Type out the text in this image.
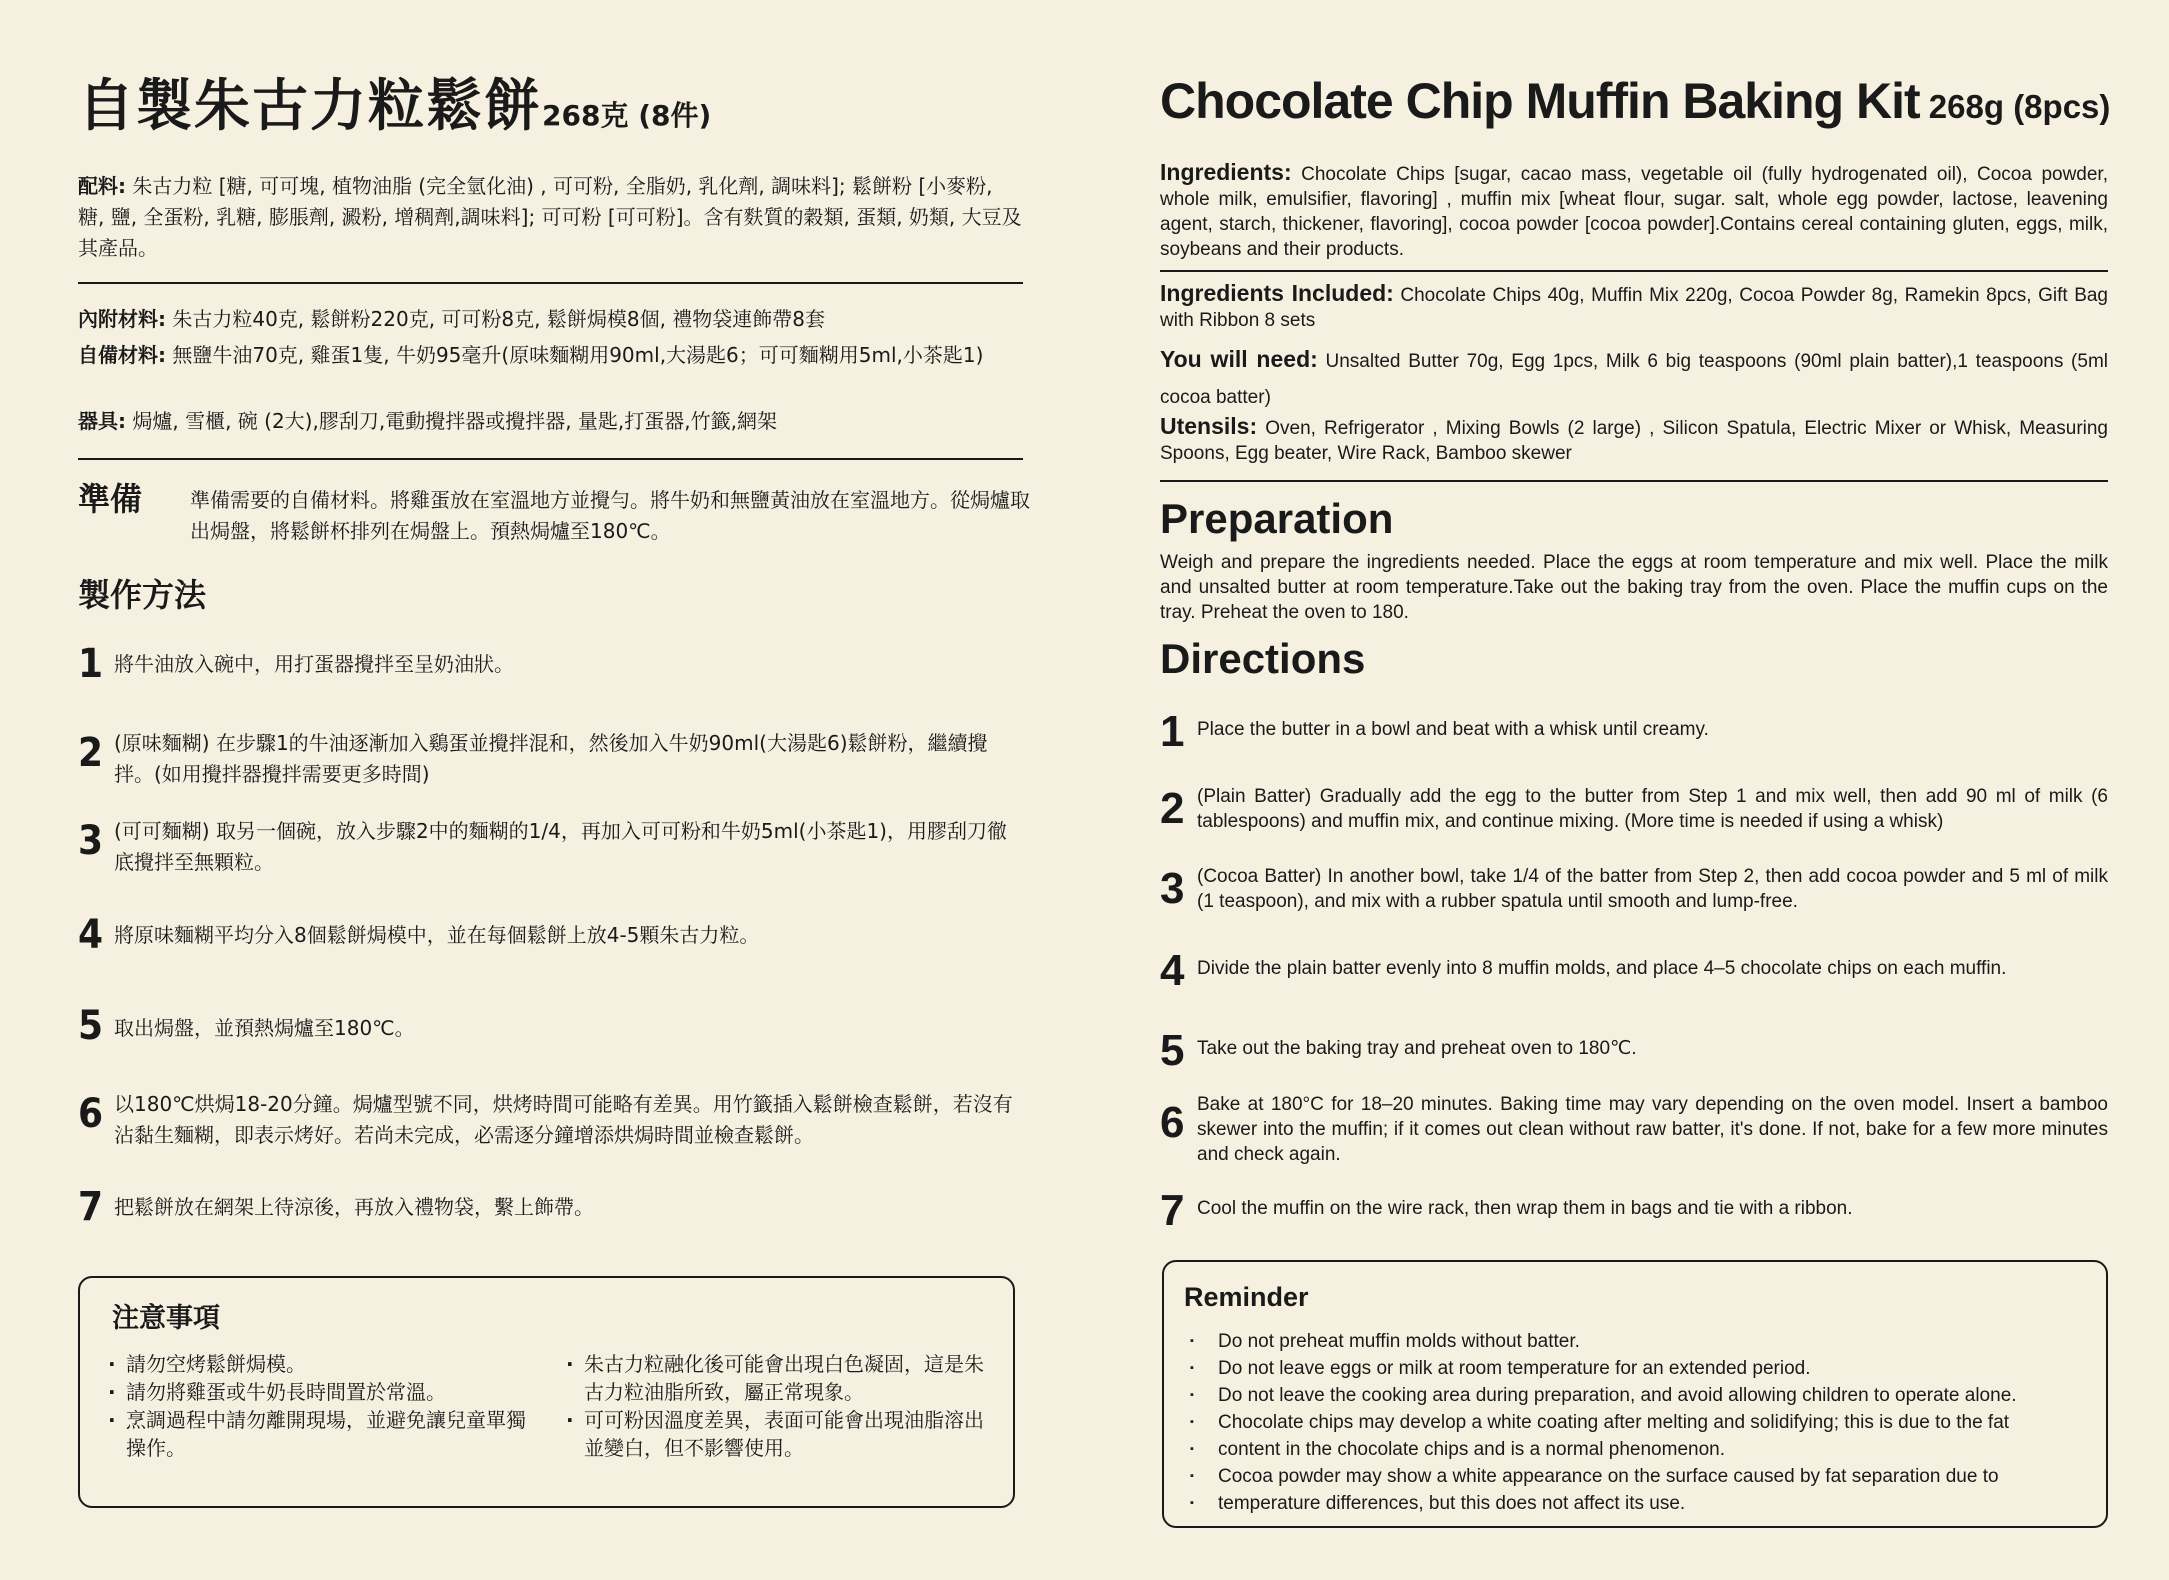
自製朱古力粒鬆餅268克 (8件)
配料: 朱古力粒 [糖, 可可塊, 植物油脂 (完全氫化油) , 可可粉, 全脂奶, 乳化劑, 調味料]; 鬆餅粉 [小麥粉, 糖, 鹽, 全蛋粉, 乳糖, 膨脹劑, 澱粉, 增稠劑,調味料]; 可可粉 [可可粉]。含有麩質的穀類, 蛋類, 奶類, 大豆及其產品。
內附材料: 朱古力粒40克, 鬆餅粉220克, 可可粉8克, 鬆餅焗模8個, 禮物袋連飾帶8套
自備材料: 無鹽牛油70克, 雞蛋1隻, 牛奶95毫升(原味麵糊用90ml,大湯匙6；可可麵糊用5ml,小茶匙1)
器具: 焗爐, 雪櫃, 碗 (2大),膠刮刀,電動攪拌器或攪拌器, 量匙,打蛋器,竹籤,網架
準備 準備需要的自備材料。將雞蛋放在室溫地方並攪勻。將牛奶和無鹽黃油放在室溫地方。從焗爐取出焗盤，將鬆餅杯排列在焗盤上。預熱焗爐至180℃。
製作方法
1 將牛油放入碗中，用打蛋器攪拌至呈奶油狀。
2 (原味麵糊) 在步驟1的牛油逐漸加入鷄蛋並攪拌混和，然後加入牛奶90ml(大湯匙6)鬆餅粉，繼續攪拌。(如用攪拌器攪拌需要更多時間)
3 (可可麵糊) 取另一個碗，放入步驟2中的麵糊的1/4，再加入可可粉和牛奶5ml(小茶匙1)，用膠刮刀徹底攪拌至無顆粒。
4 將原味麵糊平均分入8個鬆餅焗模中，並在每個鬆餅上放4-5顆朱古力粒。
5 取出焗盤，並預熱焗爐至180℃。
6 以180℃烘焗18-20分鐘。焗爐型號不同，烘烤時間可能略有差異。用竹籤插入鬆餅檢查鬆餅，若沒有沾黏生麵糊，即表示烤好。若尚未完成，必需逐分鐘增添烘焗時間並檢查鬆餅。
7 把鬆餅放在網架上待涼後，再放入禮物袋，繫上飾帶。
注意事項
· 請勿空烤鬆餅焗模。
· 請勿將雞蛋或牛奶長時間置於常溫。
· 烹調過程中請勿離開現場，並避免讓兒童單獨操作。
· 朱古力粒融化後可能會出現白色凝固，這是朱古力粒油脂所致，屬正常現象。
· 可可粉因溫度差異，表面可能會出現油脂溶出並變白，但不影響使用。
Chocolate Chip Muffin Baking Kit 268g (8pcs)
Ingredients: Chocolate Chips [sugar, cacao mass, vegetable oil (fully hydrogenated oil), Cocoa powder, whole milk, emulsifier, flavoring] , muffin mix [wheat flour, sugar. salt, whole egg powder, lactose, leavening agent, starch, thickener, flavoring], cocoa powder [cocoa powder].Contains cereal containing gluten, eggs, milk, soybeans and their products.
Ingredients Included: Chocolate Chips 40g, Muffin Mix 220g, Cocoa Powder 8g, Ramekin 8pcs, Gift Bag with Ribbon 8 sets
You will need: Unsalted Butter 70g, Egg 1pcs, Milk 6 big teaspoons (90ml plain batter),1 teaspoons (5ml cocoa batter)
Utensils: Oven, Refrigerator , Mixing Bowls (2 large) , Silicon Spatula, Electric Mixer or Whisk, Measuring Spoons, Egg beater, Wire Rack, Bamboo skewer
Preparation
Weigh and prepare the ingredients needed. Place the eggs at room temperature and mix well. Place the milk and unsalted butter at room temperature.Take out the baking tray from the oven. Place the muffin cups on the tray. Preheat the oven to 180.
Directions
1 Place the butter in a bowl and beat with a whisk until creamy.
2 (Plain Batter) Gradually add the egg to the butter from Step 1 and mix well, then add 90 ml of milk (6 tablespoons) and muffin mix, and continue mixing. (More time is needed if using a whisk)
3 (Cocoa Batter) In another bowl, take 1/4 of the batter from Step 2, then add cocoa powder and 5 ml of milk (1 teaspoon), and mix with a rubber spatula until smooth and lump-free.
4 Divide the plain batter evenly into 8 muffin molds, and place 4–5 chocolate chips on each muffin.
5 Take out the baking tray and preheat oven to 180℃.
6 Bake at 180°C for 18–20 minutes. Baking time may vary depending on the oven model. Insert a bamboo skewer into the muffin; if it comes out clean without raw batter, it's done. If not, bake for a few more minutes and check again.
7 Cool the muffin on the wire rack, then wrap them in bags and tie with a ribbon.
Reminder
▪ Do not preheat muffin molds without batter.
▪ Do not leave eggs or milk at room temperature for an extended period.
▪ Do not leave the cooking area during preparation, and avoid allowing children to operate alone.
▪ Chocolate chips may develop a white coating after melting and solidifying; this is due to the fat
▪ content in the chocolate chips and is a normal phenomenon.
▪ Cocoa powder may show a white appearance on the surface caused by fat separation due to
▪ temperature differences, but this does not affect its use.
